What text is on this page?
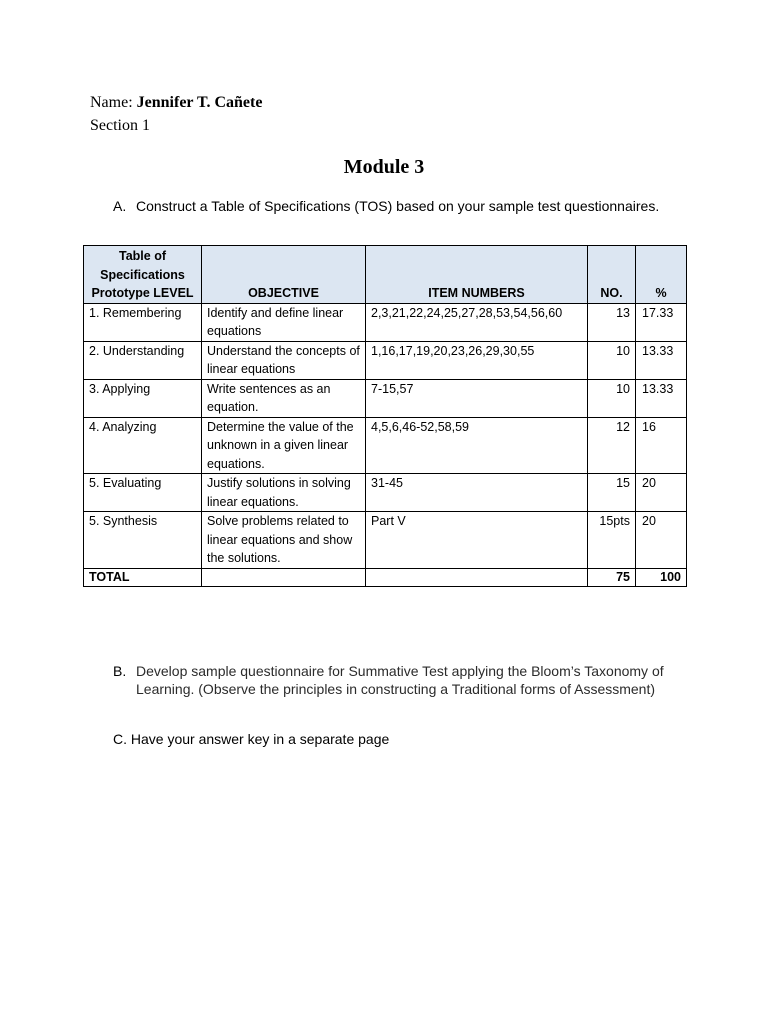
Name: Jennifer T. Cañete
Section 1
Module 3
A. Construct a Table of Specifications (TOS) based on your sample test questionnaires.
Table of Specifications Prototype LEVEL	OBJECTIVE	ITEM NUMBERS	NO.	%
1. Remembering	Identify and define linear equations	2,3,21,22,24,25,27,28,53,54,56,60	13	17.33
2. Understanding	Understand the concepts of linear equations	1,16,17,19,20,23,26,29,30,55	10	13.33
3. Applying	Write sentences as an equation.	7-15,57	10	13.33
4. Analyzing	Determine the value of the unknown in a given linear equations.	4,5,6,46-52,58,59	12	16
5. Evaluating	Justify solutions in solving linear equations.	31-45	15	20
5. Synthesis	Solve problems related to linear equations and show the solutions.	Part V	15pts	20
TOTAL			75	100
B. Develop sample questionnaire for Summative Test applying the Bloom’s Taxonomy of Learning. (Observe the principles in constructing a Traditional forms of Assessment)
C. Have your answer key in a separate page
